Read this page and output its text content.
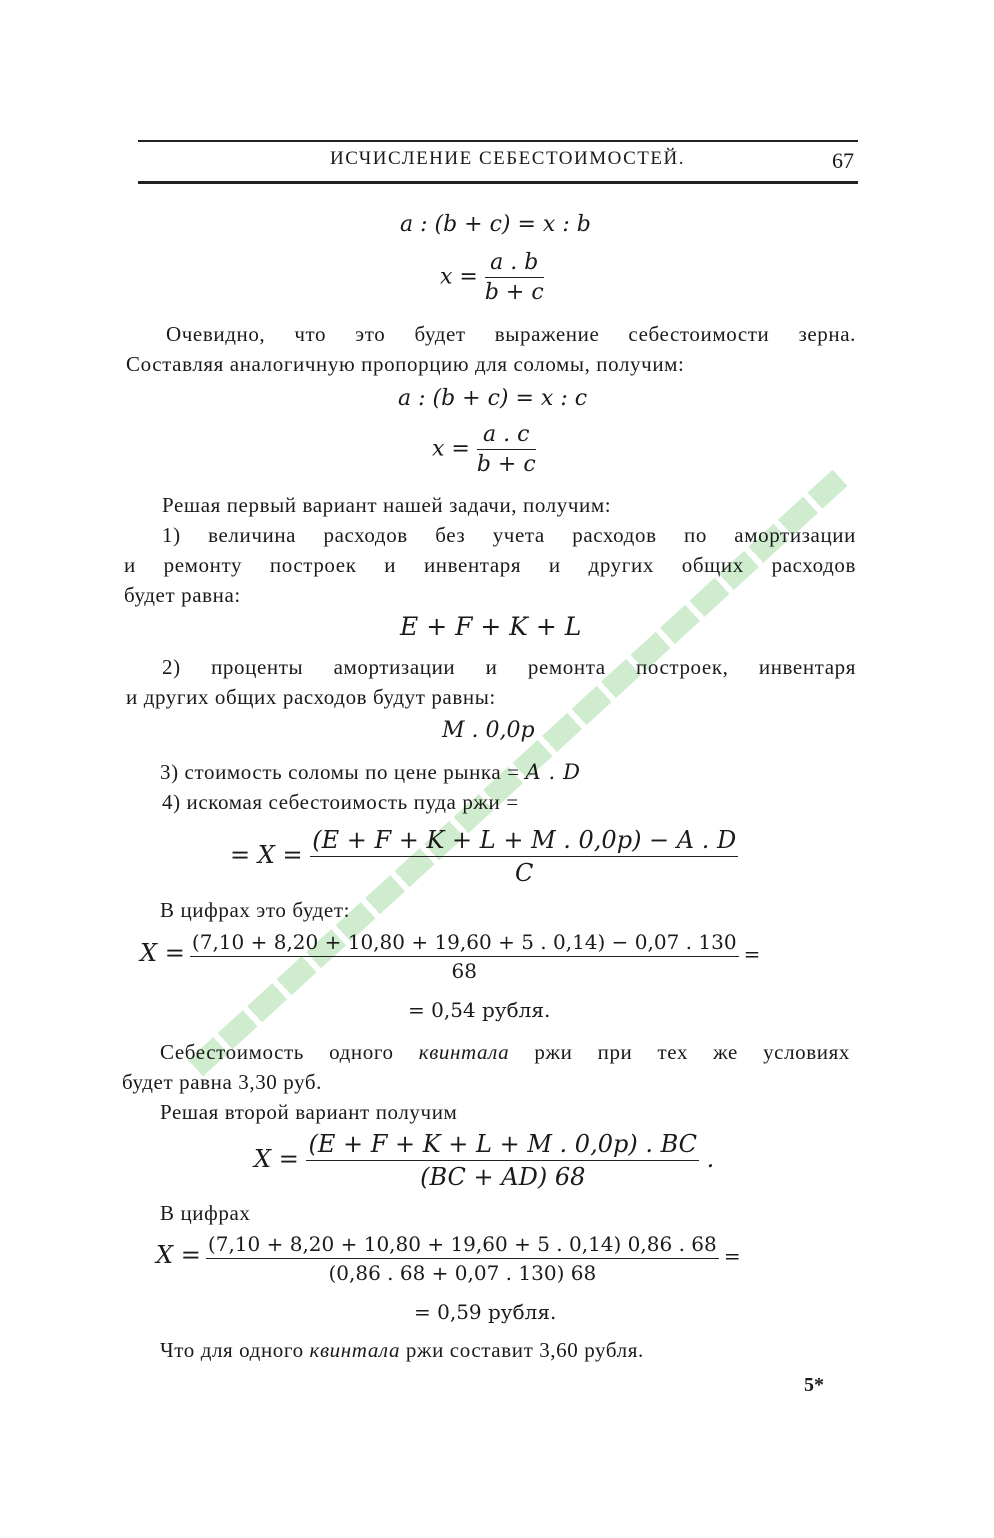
ИСЧИСЛЕНИЕ СЕБЕСТОИМОСТЕЙ.	67
a : (b + c) = x : b
$x = \frac{a . b}{b + c}$
Очевидно, что это будет выражение себестоимости зерна.
Составляя аналогичную пропорцию для соломы, получим:
a : (b + c) = x : c
$x = \frac{a . c}{b + c}$
Решая первый вариант нашей задачи, получим:
1) величина расходов без учета расходов по амортизации
и ремонту построек и инвентаря и других общих расходов
будет равна:
E + F + K + L
2) проценты амортизации и ремонта построек, инвентаря
и других общих расходов будут равны:
M . 0,0p
3) стоимость соломы по цене рынка = A . D
4) искомая себестоимость пуда ржи =
= $X = \frac{(E + F + K + L + M . 0,0p) - A . D}{C}$
В цифрах это будет:
$X = \frac{(7,10 + 8,20 + 10,80 + 19,60 + 5 . 0,14) - 0,07 . 130}{68}$ =
= 0,54 рубля.
Себестоимость одного квинтала ржи при тех же условиях
будет равна 3,30 руб.
Решая второй вариант получим
$X = \frac{(E + F + K + L + M . 0,0p) . BC}{(BC + AD) 68}$ .
В цифрах
$X = \frac{(7,10 + 8,20 + 10,80 + 19,60 + 5 . 0,14) 0,86 . 68}{(0,86 . 68 + 0,07 . 130) 68}$ =
= 0,59 рубля.
Что для одного квинтала ржи составит 3,60 рубля.
5*
